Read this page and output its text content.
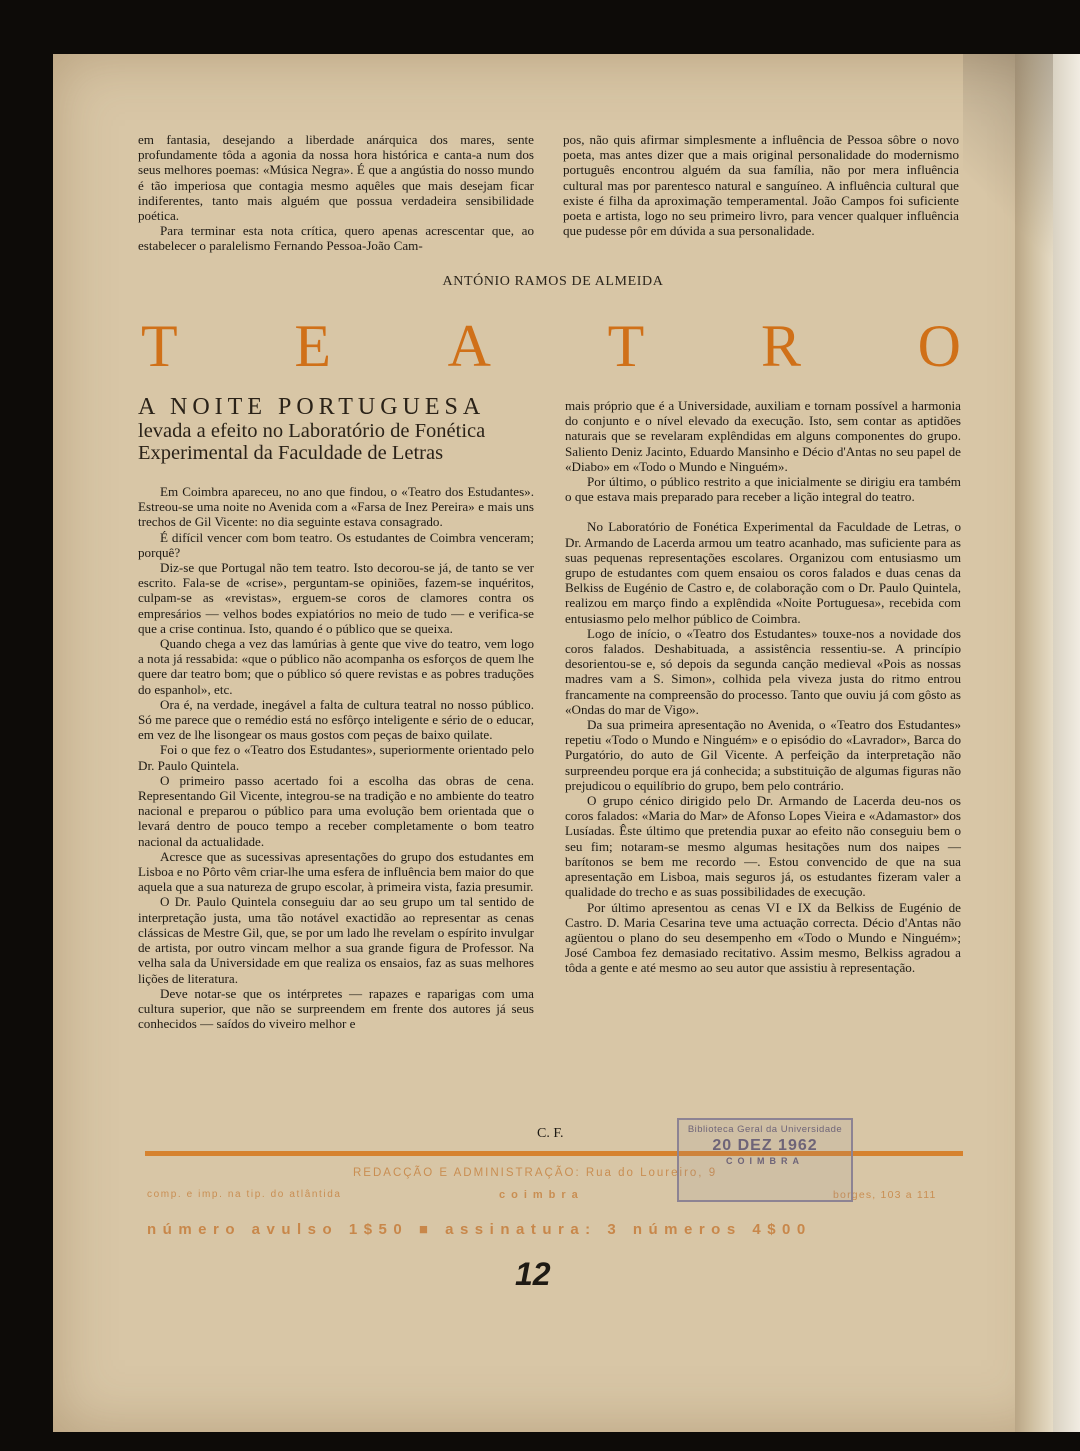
em fantasia, desejando a liberdade anárquica dos mares, sente profundamente tôda a agonia da nossa hora histórica e canta-a num dos seus melhores poemas: «Música Negra». É que a angústia do nosso mundo é tão imperiosa que contagia mesmo aquêles que mais desejam ficar indiferentes, tanto mais alguém que possua verdadeira sensibilidade poética.

Para terminar esta nota crítica, quero apenas acrescentar que, ao estabelecer o paralelismo Fernando Pessoa-João Cam-

pos, não quis afirmar simplesmente a influência de Pessoa sôbre o novo poeta, mas antes dizer que a mais original personalidade do modernismo português encontrou alguém da sua família, não por mera influência cultural mas por parentesco natural e sanguíneo. A influência cultural que existe é filha da aproximação temperamental. João Campos foi suficiente poeta e artista, logo no seu primeiro livro, para vencer qualquer influência que pudesse pôr em dúvida a sua personalidade.

ANTÓNIO RAMOS DE ALMEIDA
T E A T R O
A NOITE PORTUGUESA
levada a efeito no Laboratório de Fonética Experimental da Faculdade de Letras

Em Coimbra apareceu, no ano que findou, o «Teatro dos Estudantes». Estreou-se uma noite no Avenida com a «Farsa de Inez Pereira» e mais uns trechos de Gil Vicente: no dia seguinte estava consagrado.

É difícil vencer com bom teatro. Os estudantes de Coimbra venceram; porquê?

Diz-se que Portugal não tem teatro. Isto decorou-se já, de tanto se ver escrito. Fala-se de «crise», perguntam-se opiniões, fazem-se inquéritos, culpam-se as «revistas», erguem-se coros de clamores contra os empresários — velhos bodes expiatórios no meio de tudo — e verifica-se que a crise continua. Isto, quando é o público que se queixa.

Quando chega a vez das lamúrias à gente que vive do teatro, vem logo a nota já ressabida: «que o público não acompanha os esforços de quem lhe quere dar teatro bom; que o público só quere revistas e as pobres traduções do espanhol», etc.

Ora é, na verdade, inegável a falta de cultura teatral no nosso público. Só me parece que o remédio está no esfôrço inteligente e sério de o educar, em vez de lhe lisongear os maus gostos com peças de baixo quilate.

Foi o que fez o «Teatro dos Estudantes», superiormente orientado pelo Dr. Paulo Quintela.

O primeiro passo acertado foi a escolha das obras de cena. Representando Gil Vicente, integrou-se na tradição e no ambiente do teatro nacional e preparou o público para uma evolução bem orientada que o levará dentro de pouco tempo a receber completamente o bom teatro nacional da actualidade.

Acresce que as sucessivas apresentações do grupo dos estudantes em Lisboa e no Pôrto vêm criar-lhe uma esfera de influência bem maior do que aquela que a sua natureza de grupo escolar, à primeira vista, fazia presumir.

O Dr. Paulo Quintela conseguiu dar ao seu grupo um tal sentido de interpretação justa, uma tão notável exactidão ao representar as cenas clássicas de Mestre Gil, que, se por um lado lhe revelam o espírito invulgar de artista, por outro vincam melhor a sua grande figura de Professor. Na velha sala da Universidade em que realiza os ensaios, faz as suas melhores lições de literatura.

Deve notar-se que os intérpretes — rapazes e raparigas com uma cultura superior, que não se surpreendem em frente dos autores já seus conhecidos — saídos do viveiro melhor e

mais próprio que é a Universidade, auxiliam e tornam possível a harmonia do conjunto e o nível elevado da execução. Isto, sem contar as aptidões naturais que se revelaram explêndidas em alguns componentes do grupo. Saliento Deniz Jacinto, Eduardo Mansinho e Décio d'Antas no seu papel de «Diabo» em «Todo o Mundo e Ninguém».

Por último, o público restrito a que inicialmente se dirigiu era também o que estava mais preparado para receber a lição integral do teatro.

No Laboratório de Fonética Experimental da Faculdade de Letras, o Dr. Armando de Lacerda armou um teatro acanhado, mas suficiente para as suas pequenas representações escolares. Organizou com entusiasmo um grupo de estudantes com quem ensaiou os coros falados e duas cenas da Belkiss de Eugénio de Castro e, de colaboração com o Dr. Paulo Quintela, realizou em março findo a explêndida «Noite Portuguesa», recebida com entusiasmo pelo melhor público de Coimbra.

Logo de início, o «Teatro dos Estudantes» touxe-nos a novidade dos coros falados. Deshabituada, a assistência ressentiu-se. A princípio desorientou-se e, só depois da segunda canção medieval «Pois as nossas madres vam a S. Simon», colhida pela viveza justa do ritmo entrou francamente na compreensão do processo. Tanto que ouviu já com gôsto as «Ondas do mar de Vigo».

Da sua primeira apresentação no Avenida, o «Teatro dos Estudantes» repetiu «Todo o Mundo e Ninguém» e o episódio do «Lavrador», Barca do Purgatório, do auto de Gil Vicente. A perfeição da interpretação não surpreendeu porque era já conhecida; a substituição de algumas figuras não prejudicou o equilíbrio do grupo, bem pelo contrário.

O grupo cénico dirigido pelo Dr. Armando de Lacerda deu-nos os coros falados: «Maria do Mar» de Afonso Lopes Vieira e «Adamastor» dos Lusíadas. Êste último que pretendia puxar ao efeito não conseguiu bem o seu fim; notaram-se mesmo algumas hesitações num dos naipes — barítonos se bem me recordo —. Estou convencido de que na sua apresentação em Lisboa, mais seguros já, os estudantes fizeram valer a qualidade do trecho e as suas possibilidades de execução.

Por último apresentou as cenas VI e IX da Belkiss de Eugénio de Castro. D. Maria Cesarina teve uma actuação correcta. Décio d'Antas não agüentou o plano do seu desempenho em «Todo o Mundo e Ninguém»; José Camboa fez demasiado recitativo. Assim mesmo, Belkiss agradou a tôda a gente e até mesmo ao seu autor que assistiu à representação.

C. F.
REDACÇÃO E ADMINISTRAÇÃO: Rua do Loureiro, 9
comp. e imp. na tip. do atlântida	coimbra	borges, 103 a 111
número avulso 1$50 ■ assinatura: 3 números 4$00
Biblioteca Geral da Universidade
20 DEZ 1962
COIMBRA
12
